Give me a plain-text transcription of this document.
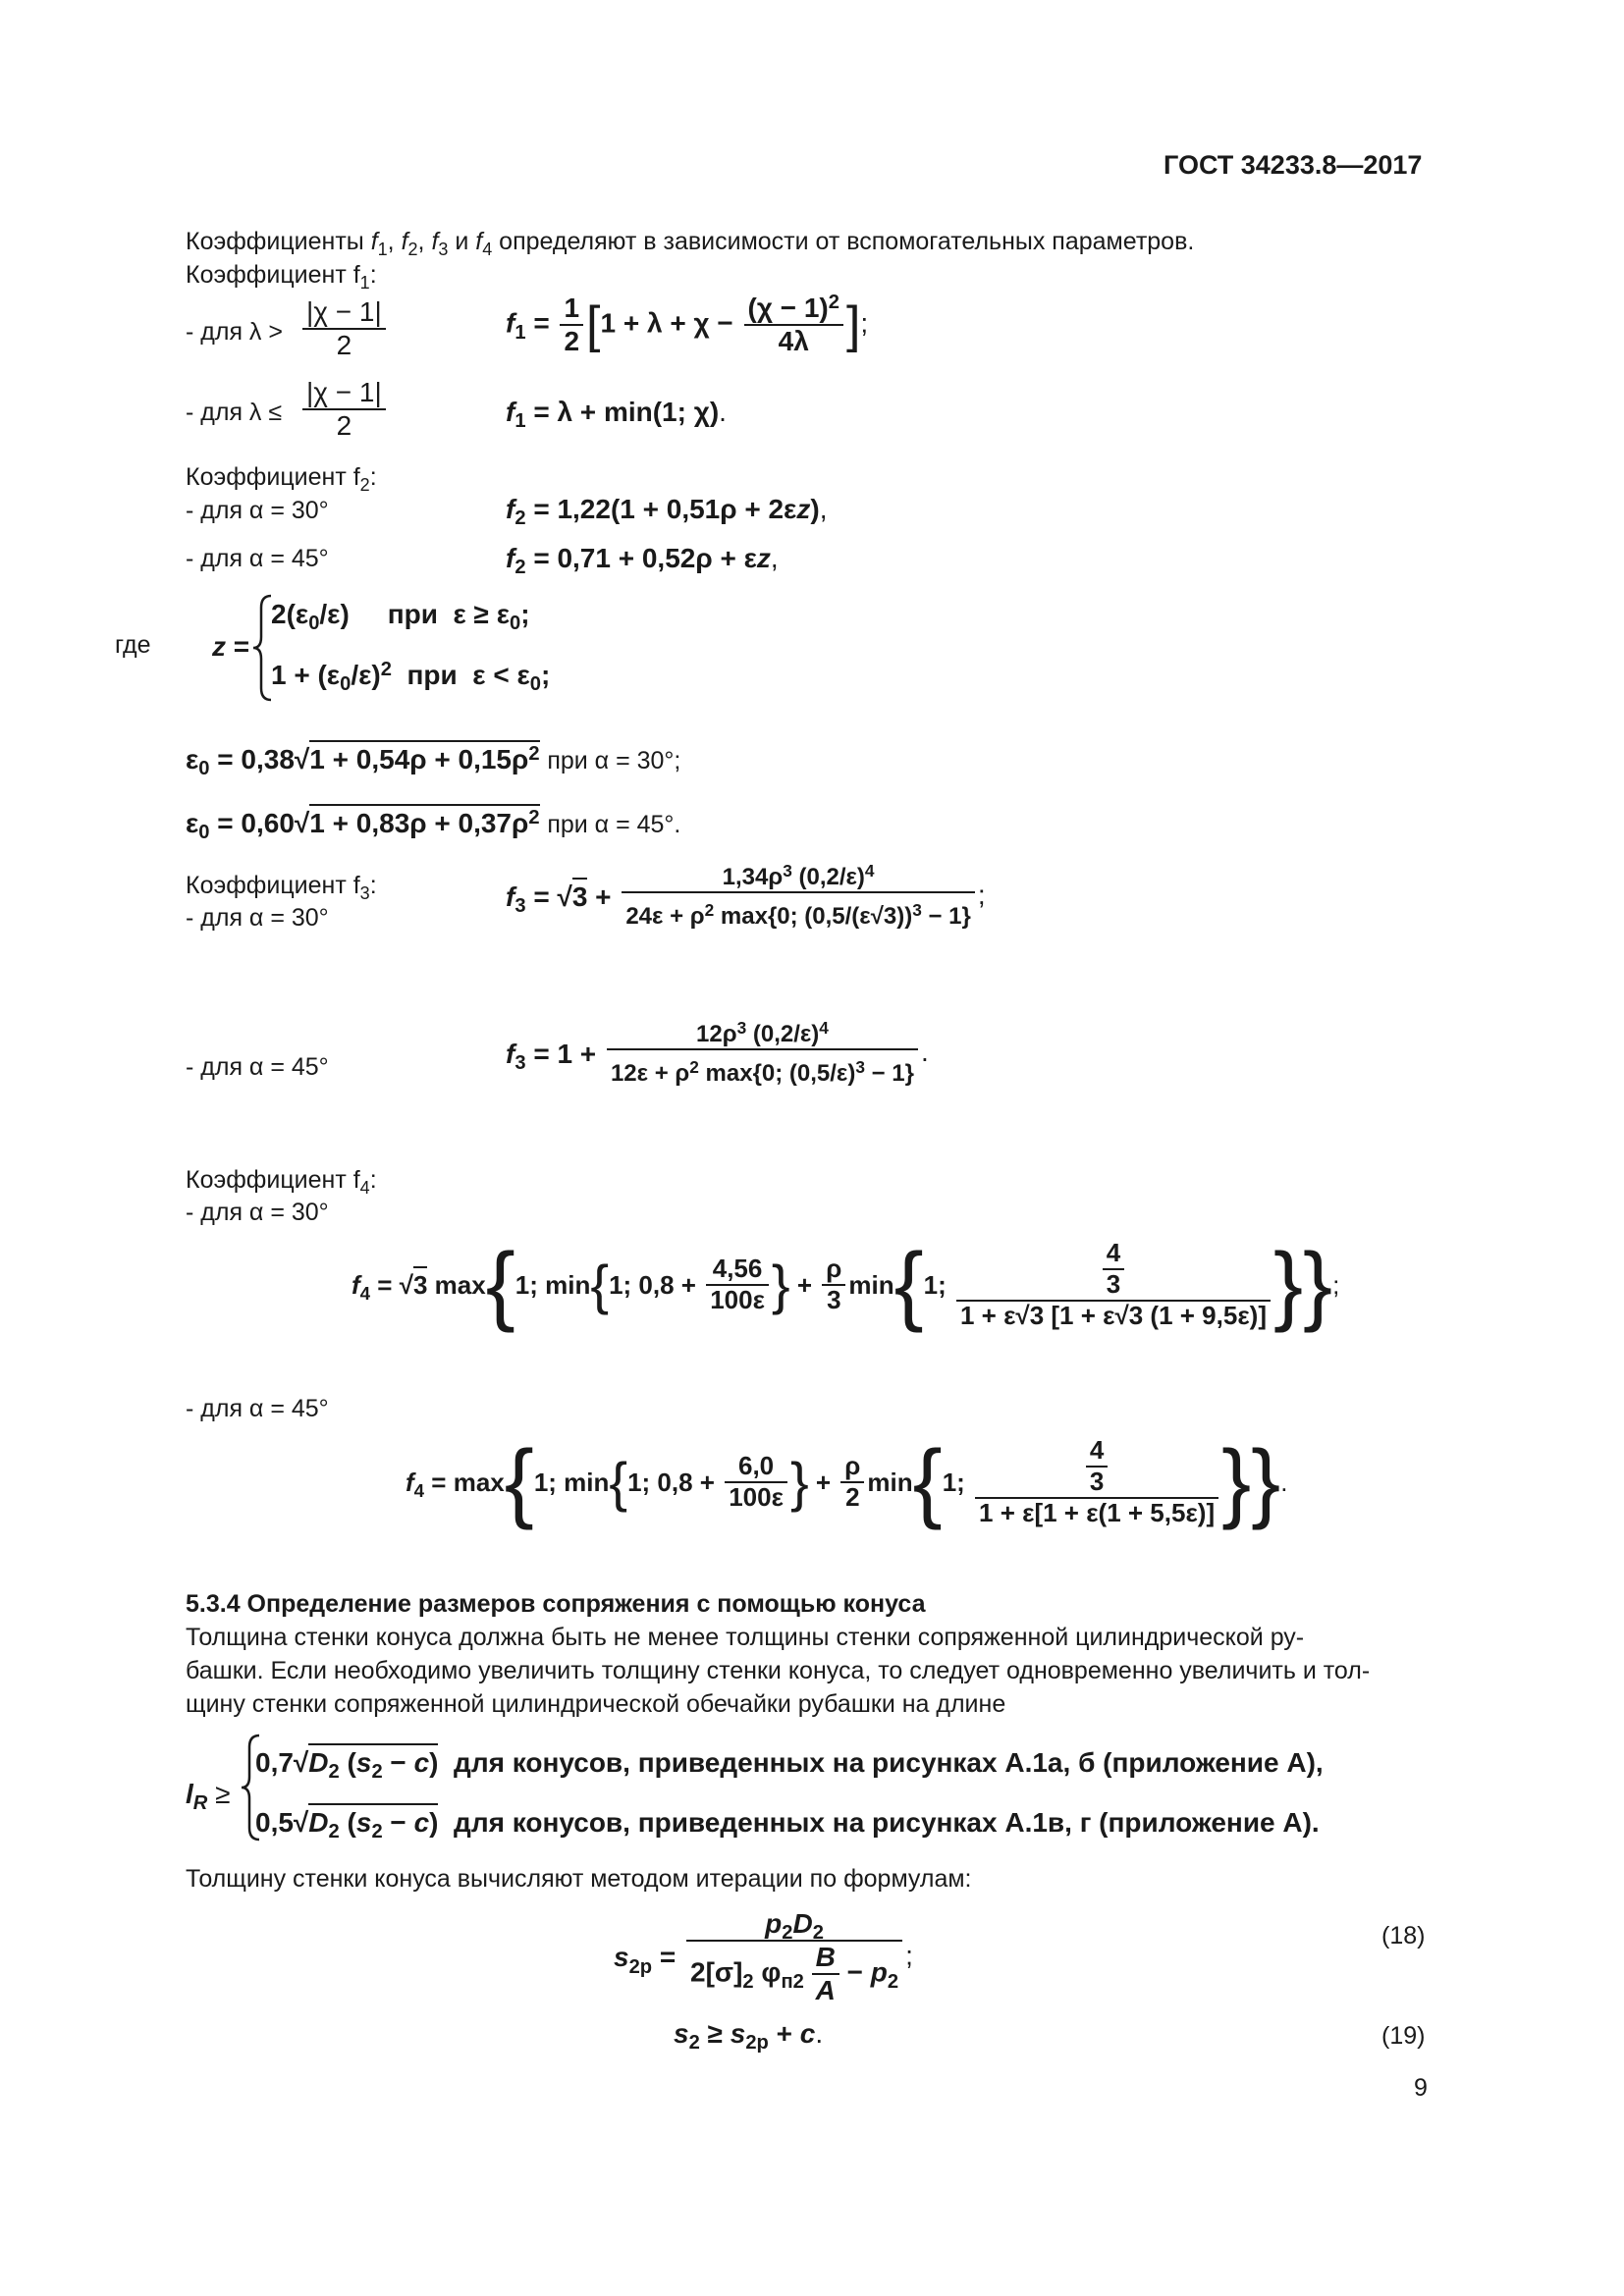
ГОСТ 34233.8—2017
Коэффициенты $f_1$, $f_2$, $f_3$ и $f_4$ определяют в зависимости от вспомогательных параметров.
Коэффициент $f_1$:
- для $\lambda > \frac{|\chi - 1|}{2}$	$f_1 = \frac{1}{2} [1 + \lambda + \chi - \frac{(\chi - 1)^2}{4\lambda}$ ];
- для $\lambda \le \frac{|\chi - 1|}{2}$	$f_1 = \lambda + \min(1$; χ).
Коэффициент $f_2$:
- для α = 30°	$f_2 = 1,22(1 + 0,51\rho + 2\varepsilon z)$,
- для α = 45°	$f_2 = 0,71 + 0,52\rho + \varepsilon z$,
где z =
$2(\varepsilon_0/\varepsilon)$     при  $\varepsilon \ge \varepsilon_0$;
$1 + (\varepsilon_0/\varepsilon)^2$  при  $\varepsilon < \varepsilon_0$;
$\varepsilon_0 = 0,38√1 + 0,54\rho + 0,15\rho^2$ при α = 30°;
$\varepsilon_0 = 0,60√1 + 0,83\rho + 0,37\rho^2$ при α = 45°.
Коэффициент $f_3$:
- для α = 30°
$f_3 = √3$ +
$1,34\rho^3$ $(0,2/\varepsilon)^4$
$24\varepsilon + \rho^2$ max{0; $(0,5/(\varepsilon√3))^3 - 1$}
;
- для α = 45°	$f_3 = 1$ +
$12\rho^3$ $(0,2/\varepsilon)^4$
$12\varepsilon + \rho^2$ max{0; $(0,5/\varepsilon)^3 - 1$}
.
Коэффициент $f_4$:
- для α = 30°
$f_4 = √3$ max{1; min{1; $0,8 + \frac{4,56}{100\varepsilon}$ } + $\frac{\rho}{3} \min\{1$; $\frac{\frac{4}{3}}{1 + \varepsilon√3 [1 + \varepsilon√3 (1 + 9,5\varepsilon)]}$ }};
- для α = 45°
$f_4 = \max\{1$; min{1; $0,8 + \frac{6,0}{100\varepsilon}$ } + $\frac{\rho}{2} \min\{1$; $\frac{\frac{4}{3}}{1 + \varepsilon[1 + \varepsilon(1 + 5,5\varepsilon)]}$ }}.
5.3.4 Определение размеров сопряжения с помощью конуса
Толщина стенки конуса должна быть не менее толщины стенки сопряженной цилиндрической ру-
башки. Если необходимо увеличить толщину стенки конуса, то следует одновременно увеличить и тол-
щину стенки сопряженной цилиндрической обечайки рубашки на длине
$l_R$ ≥
$0,7√D_2$ $(s_2 - c)$ для конусов, приведенных на рисунках А.1а, б (приложение А),
$0,5√D_2$ $(s_2 - c)$ для конусов, приведенных на рисунках А.1в, г (приложение А).
Толщину стенки конуса вычисляют методом итерации по формулам:
$s_{2p}$ =
$p_2D_2$
$2[\sigma]_2$ $\varphi_{п2} \frac{B}{A} - p_2$
;
(18)
$s_2 \ge s_{2p} + c$.	(19)
9
